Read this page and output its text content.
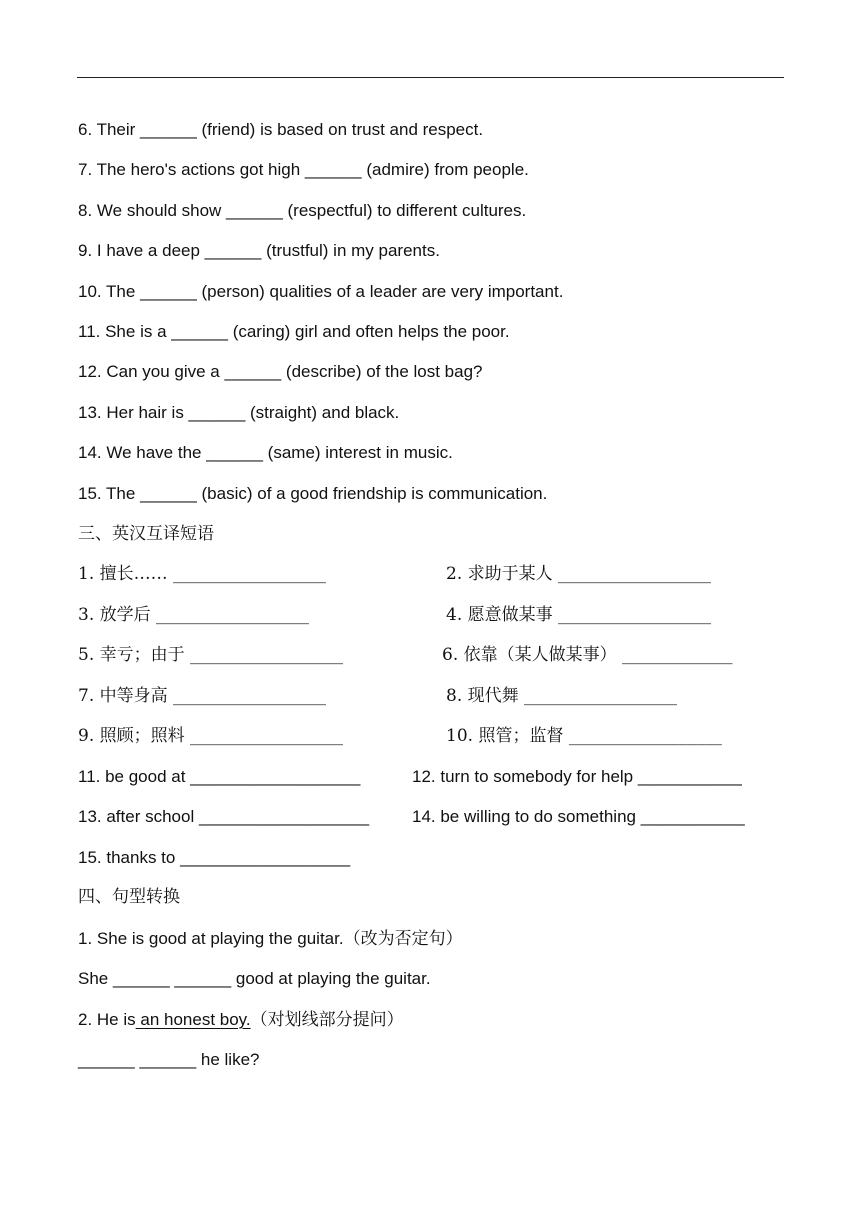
6. Their ______ (friend) is based on trust and respect.
7. The hero's actions got high ______ (admire) from people.
8. We should show ______ (respectful) to different cultures.
9. I have a deep ______ (trustful) in my parents.
10. The ______ (person) qualities of a leader are very important.
11. She is a ______ (caring) girl and often helps the poor.
12. Can you give a ______ (describe) of the lost bag?
13. Her hair is ______ (straight) and black.
14. We have the ______ (same) interest in music.
15. The ______ (basic) of a good friendship is communication.
三、英汉互译短语
1. 擅长…… __________________	2. 求助于某人 __________________
3. 放学后 __________________	4. 愿意做某事 __________________
5. 幸亏；由于 __________________	6. 依靠（某人做某事） _____________
7. 中等身高 __________________	8. 现代舞 __________________
9. 照顾；照料 __________________	10. 照管；监督 __________________
11. be good at __________________	12. turn to somebody for help ___________
13. after school __________________	14. be willing to do something ___________
15. thanks to __________________
四、句型转换
1. She is good at playing the guitar.（改为否定句）
She ______ ______ good at playing the guitar.
2. He is an honest boy.（对划线部分提问）
______ ______ he like?
